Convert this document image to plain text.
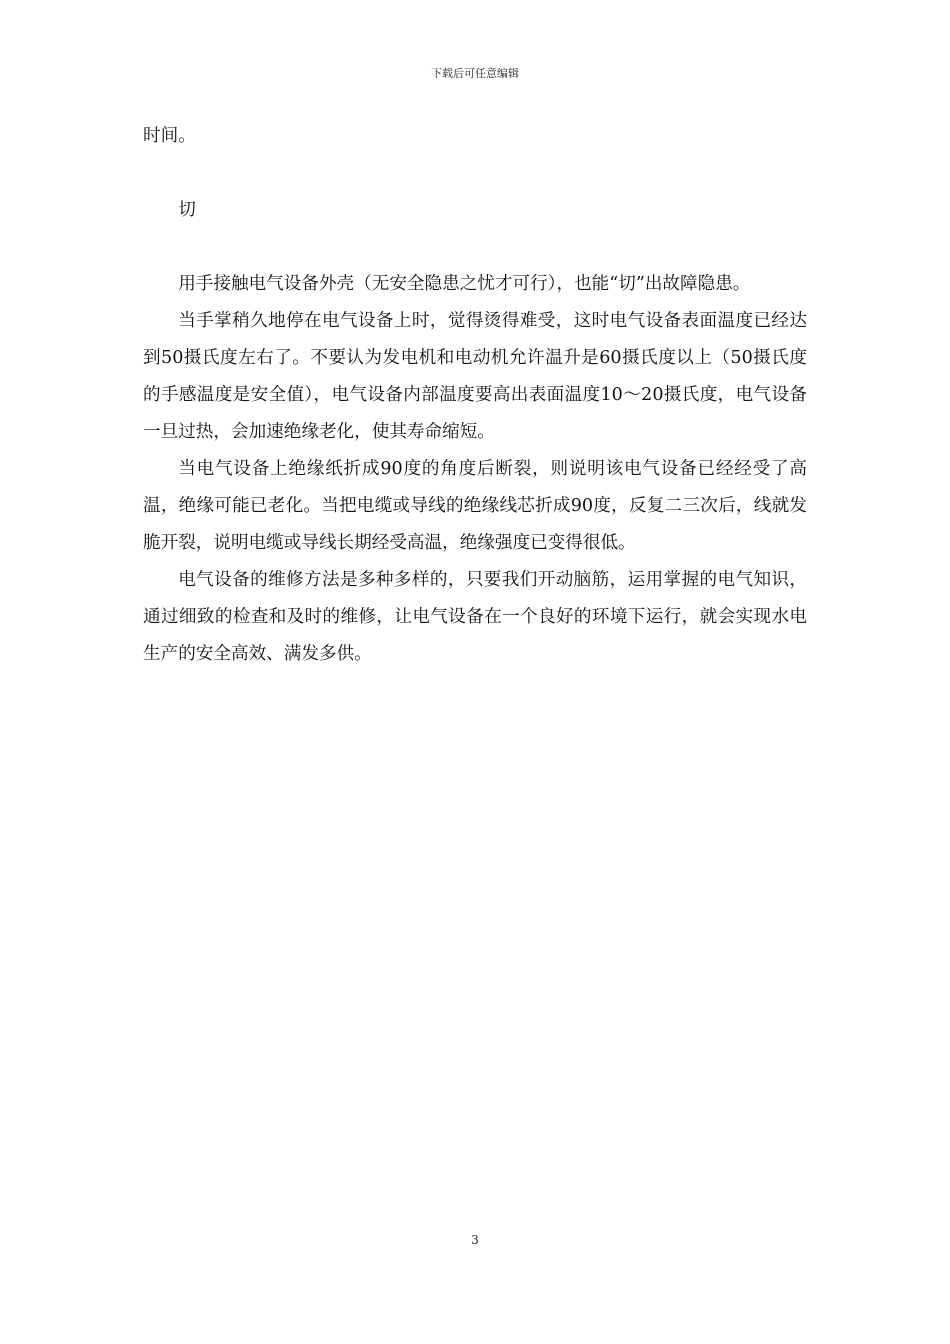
下载后可任意编辑

时间。

切

用手接触电气设备外壳（无安全隐患之忧才可行），也能“切”出故障隐患。

当手掌稍久地停在电气设备上时，觉得烫得难受，这时电气设备表面温度已经达到50摄氏度左右了。不要认为发电机和电动机允许温升是60摄氏度以上（50摄氏度的手感温度是安全值），电气设备内部温度要高出表面温度10～20摄氏度，电气设备一旦过热，会加速绝缘老化，使其寿命缩短。

当电气设备上绝缘纸折成90度的角度后断裂，则说明该电气设备已经经受了高温，绝缘可能已老化。当把电缆或导线的绝缘线芯折成90度，反复二三次后，线就发脆开裂，说明电缆或导线长期经受高温，绝缘强度已变得很低。

电气设备的维修方法是多种多样的，只要我们开动脑筋，运用掌握的电气知识，通过细致的检查和及时的维修，让电气设备在一个良好的环境下运行，就会实现水电生产的安全高效、满发多供。

3
